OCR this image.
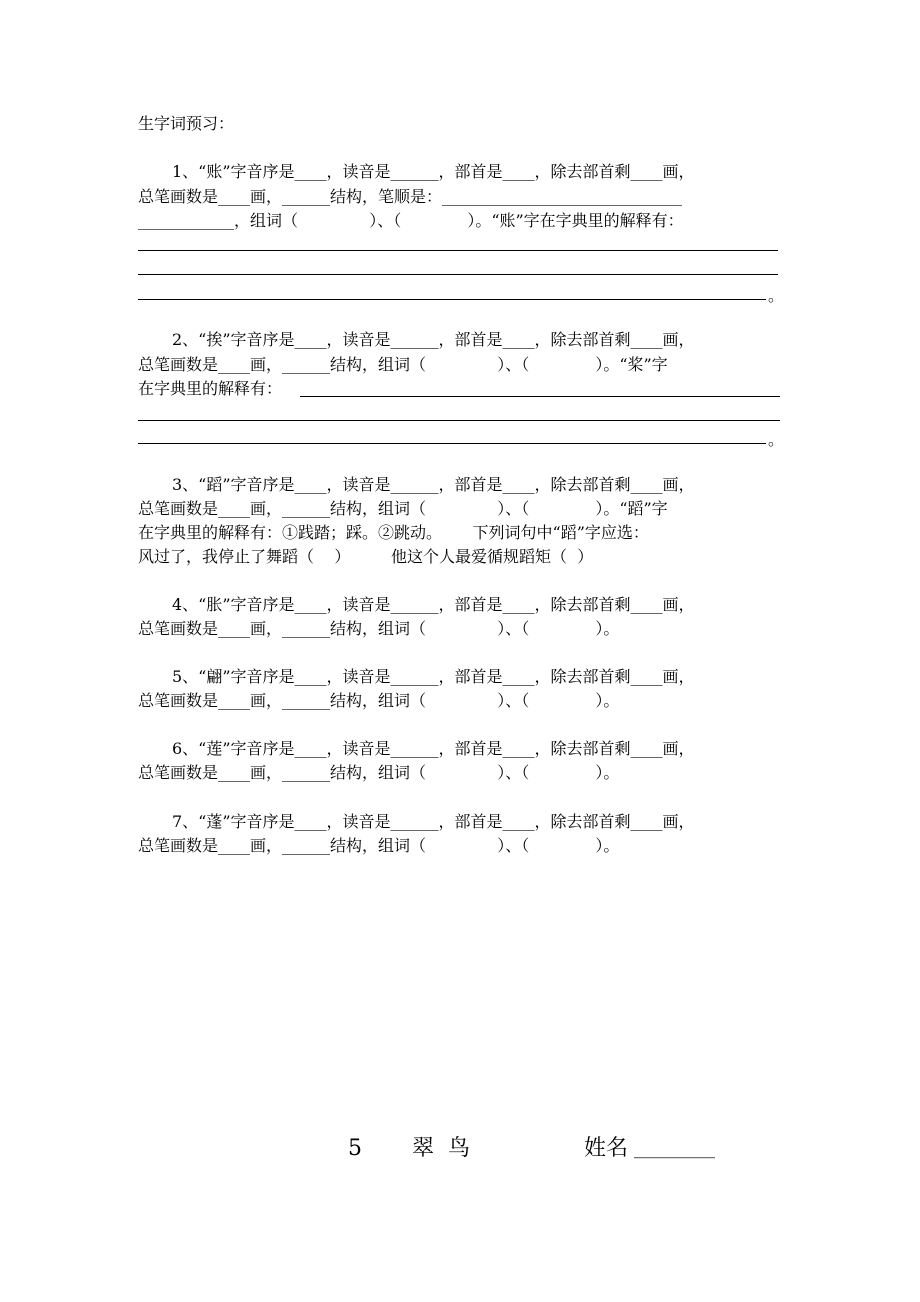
生字词预习：
1、“账”字音序是____，读音是______，部首是____，除去部首剩____画，
总笔画数是____画，______结构，笔顺是：______________________________
____________，组词（              ）、（             ）。“账”字在字典里的解释有：
。
2、“挨”字音序是____，读音是______，部首是____，除去部首剩____画，
总笔画数是____画，______结构，组词（              ）、（             ）。“桨”字
在字典里的解释有：
。
3、“蹈”字音序是____，读音是______，部首是____，除去部首剩____画，
总笔画数是____画，______结构，组词（              ）、（             ）。“蹈”字
在字典里的解释有：①践踏；踩。②跳动。      下列词句中“蹈”字应选：
风过了，我停止了舞蹈（    ）        他这个人最爱循规蹈矩（  ）
4、“胀”字音序是____，读音是______，部首是____，除去部首剩____画，
总笔画数是____画，______结构，组词（              ）、（             ）。
5、“翩”字音序是____，读音是______，部首是____，除去部首剩____画，
总笔画数是____画，______结构，组词（              ）、（             ）。
6、“莲”字音序是____，读音是______，部首是____，除去部首剩____画，
总笔画数是____画，______结构，组词（              ）、（             ）。
7、“蓬”字音序是____，读音是______，部首是____，除去部首剩____画，
总笔画数是____画，______结构，组词（              ）、（             ）。
5 翠  鸟	姓名 _________
